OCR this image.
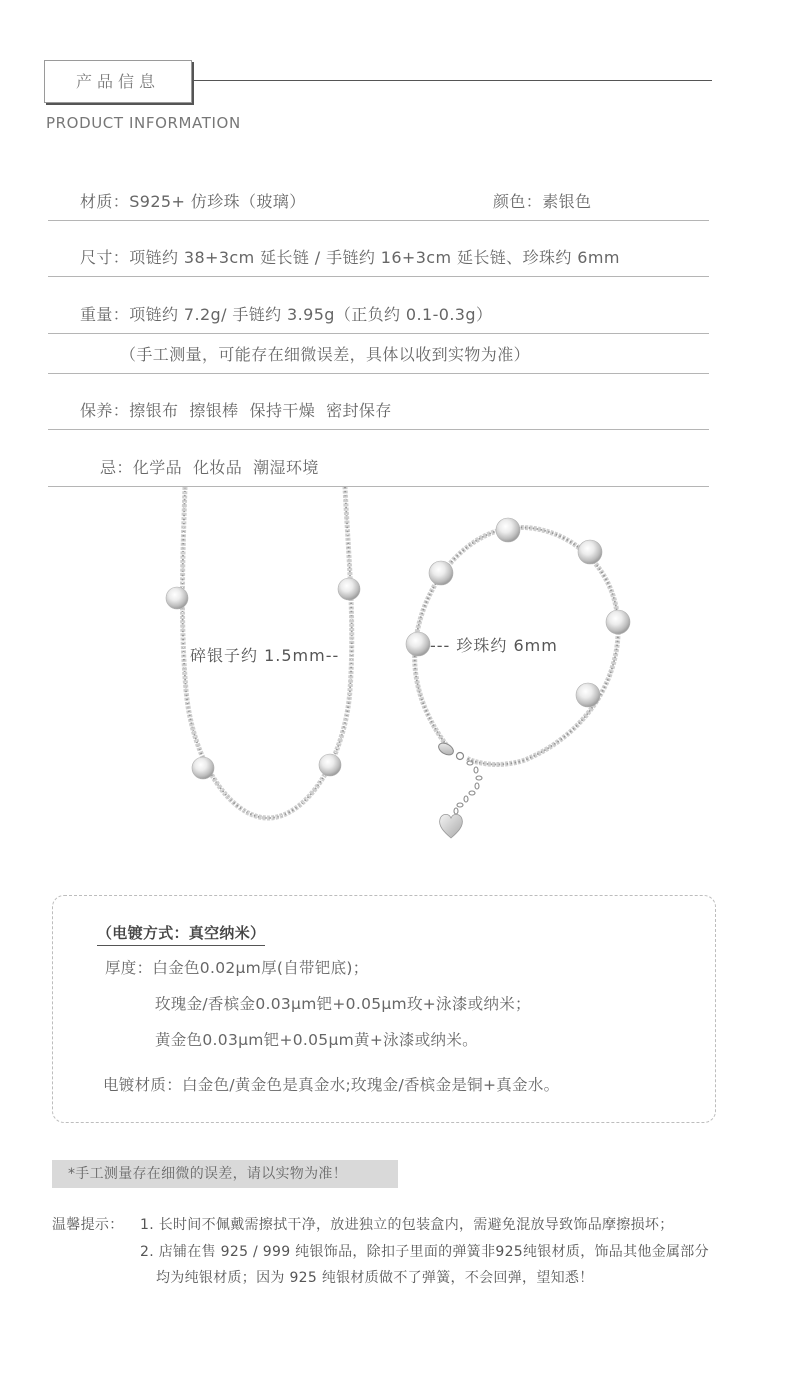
产品信息
PRODUCT INFORMATION
材质：S925+ 仿珍珠（玻璃）	颜色：素银色
尺寸：项链约 38+3cm 延长链 / 手链约 16+3cm 延长链、珍珠约 6mm
重量：项链约 7.2g/ 手链约 3.95g（正负约 0.1-0.3g）
（手工测量，可能存在细微误差，具体以收到实物为准）
保养：擦银布  擦银棒  保持干燥  密封保存
忌：化学品  化妆品  潮湿环境
碎银子约 1.5mm--
--- 珍珠约 6mm
（电镀方式：真空纳米）
厚度：白金色0.02μm厚(自带钯底)；
玫瑰金/香槟金0.03μm钯+0.05μm玫+泳漆或纳米；
黄金色0.03μm钯+0.05μm黄+泳漆或纳米。
电镀材质：白金色/黄金色是真金水;玫瑰金/香槟金是铜+真金水。
*手工测量存在细微的误差，请以实物为准！
温馨提示： 1. 长时间不佩戴需擦拭干净，放进独立的包装盒内，需避免混放导致饰品摩擦损坏；
2. 店铺在售 925 / 999 纯银饰品，除扣子里面的弹簧非925纯银材质，饰品其他金属部分
均为纯银材质；因为 925 纯银材质做不了弹簧，不会回弹，望知悉！
